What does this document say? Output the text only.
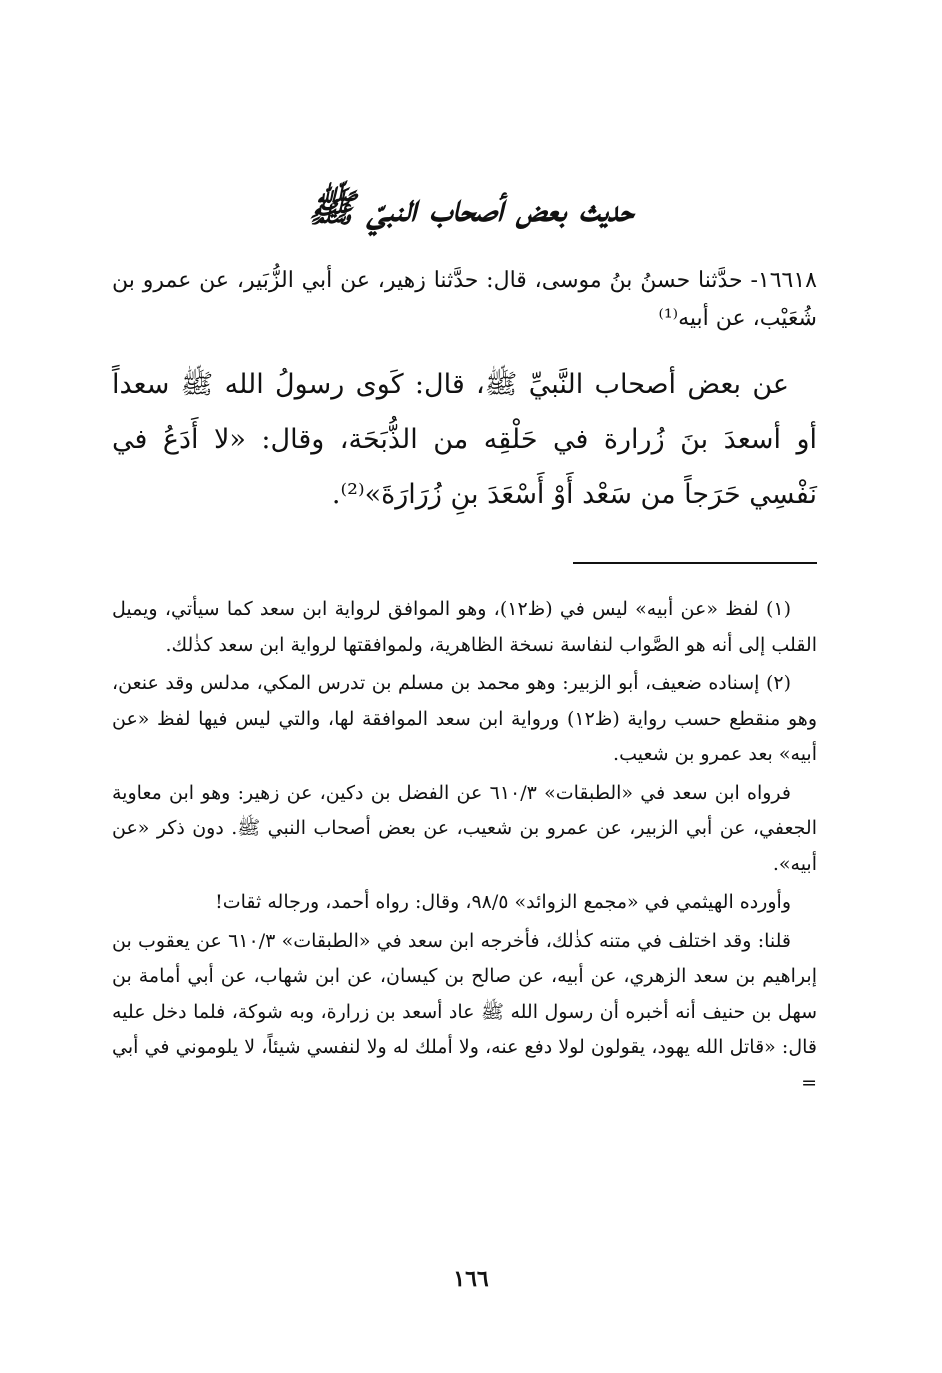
حديث بعض أصحاب النبيّ ﷺ

١٦٦١٨- حدَّثنا حسنُ بنُ موسى، قال: حدَّثنا زهير، عن أبي الزُّبَير، عن عمرو بن شُعَيْب، عن أبيه⁽¹⁾

عن بعض أصحاب النَّبيِّ ﷺ، قال: كَوى رسولُ الله ﷺ سعداً أو أسعدَ بنَ زُرارة في حَلْقِه من الذُّبَحَة، وقال: «لا أَدَعُ في نَفْسِي حَرَجاً من سَعْد أَوْ أَسْعَدَ بنِ زُرَارَةَ»⁽²⁾.

(١) لفظ «عن أبيه» ليس في (ظ١٢)، وهو الموافق لرواية ابن سعد كما سيأتي، ويميل القلب إلى أنه هو الصَّواب لنفاسة نسخة الظاهرية، ولموافقتها لرواية ابن سعد كذٰلك.

(٢) إسناده ضعيف، أبو الزبير: وهو محمد بن مسلم بن تدرس المكي، مدلس وقد عنعن، وهو منقطع حسب رواية (ظ١٢) ورواية ابن سعد الموافقة لها، والتي ليس فيها لفظ «عن أبيه» بعد عمرو بن شعيب.

فرواه ابن سعد في «الطبقات» ٦١٠/٣ عن الفضل بن دكين، عن زهير: وهو ابن معاوية الجعفي، عن أبي الزبير، عن عمرو بن شعيب، عن بعض أصحاب النبي ﷺ. دون ذكر «عن أبيه».

وأورده الهيثمي في «مجمع الزوائد» ٩٨/٥، وقال: رواه أحمد، ورجاله ثقات!

قلنا: وقد اختلف في متنه كذٰلك، فأخرجه ابن سعد في «الطبقات» ٦١٠/٣ عن يعقوب بن إبراهيم بن سعد الزهري، عن أبيه، عن صالح بن كيسان، عن ابن شهاب، عن أبي أمامة بن سهل بن حنيف أنه أخبره أن رسول الله ﷺ عاد أسعد بن زرارة، وبه شوكة، فلما دخل عليه قال: «قاتل الله يهود، يقولون لولا دفع عنه، ولا أملك له ولا لنفسي شيئاً، لا يلوموني في أبي =

١٦٦
